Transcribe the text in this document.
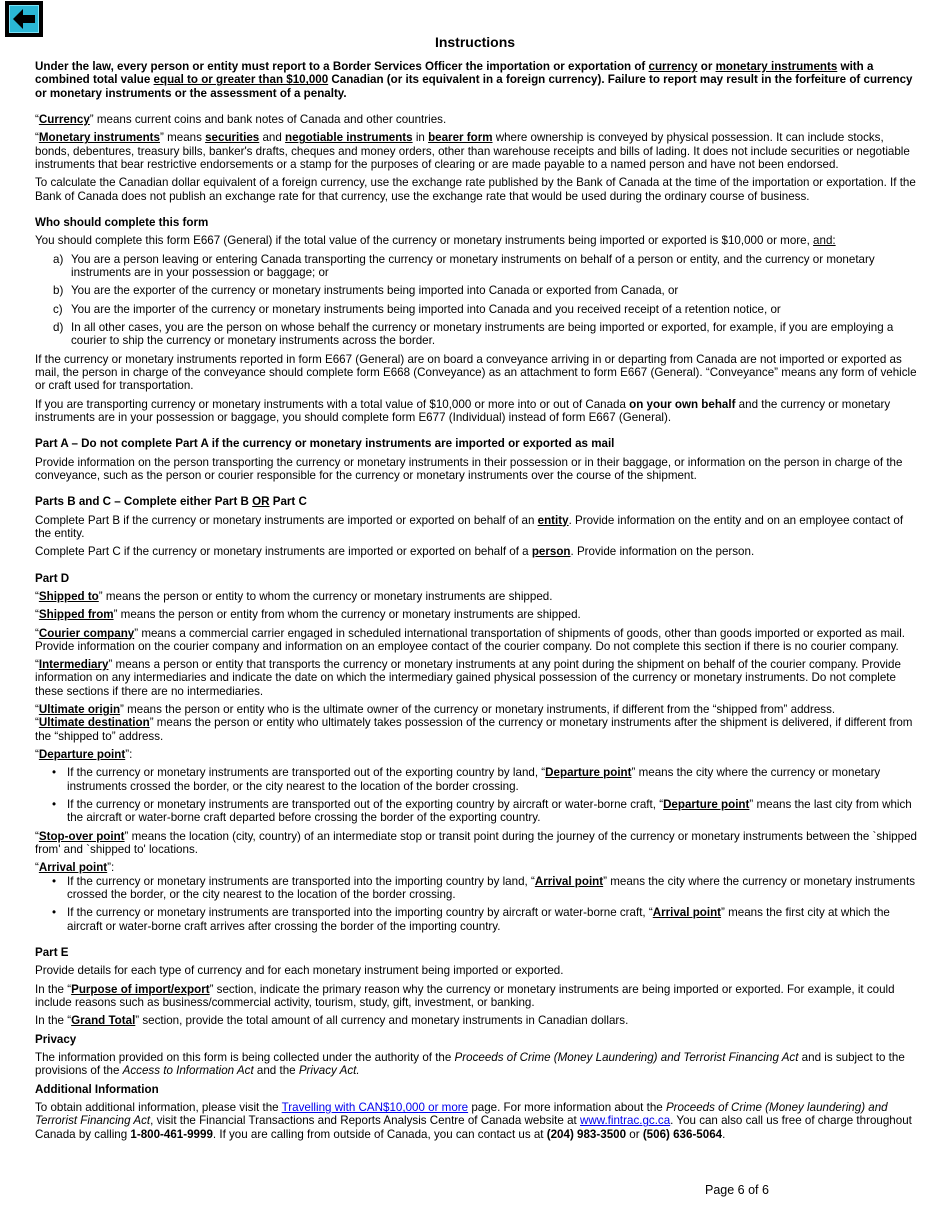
Instructions

Under the law, every person or entity must report to a Border Services Officer the importation or exportation of currency or monetary instruments with a combined total value equal to or greater than $10,000 Canadian (or its equivalent in a foreign currency). Failure to report may result in the forfeiture of currency or monetary instruments or the assessment of a penalty.

“Currency” means current coins and bank notes of Canada and other countries.

“Monetary instruments” means securities and negotiable instruments in bearer form where ownership is conveyed by physical possession. It can include stocks, bonds, debentures, treasury bills, banker's drafts, cheques and money orders, other than warehouse receipts and bills of lading. It does not include securities or negotiable instruments that bear restrictive endorsements or a stamp for the purposes of clearing or are made payable to a named person and have not been endorsed.

To calculate the Canadian dollar equivalent of a foreign currency, use the exchange rate published by the Bank of Canada at the time of the importation or exportation. If the Bank of Canada does not publish an exchange rate for that currency, use the exchange rate that would be used during the ordinary course of business.

Who should complete this form

You should complete this form E667 (General) if the total value of the currency or monetary instruments being imported or exported is $10,000 or more, and:

a) You are a person leaving or entering Canada transporting the currency or monetary instruments on behalf of a person or entity, and the currency or monetary instruments are in your possession or baggage; or
b) You are the exporter of the currency or monetary instruments being imported into Canada or exported from Canada, or
c) You are the importer of the currency or monetary instruments being imported into Canada and you received receipt of a retention notice, or
d) In all other cases, you are the person on whose behalf the currency or monetary instruments are being imported or exported, for example, if you are employing a courier to ship the currency or monetary instruments across the border.

If the currency or monetary instruments reported in form E667 (General) are on board a conveyance arriving in or departing from Canada are not imported or exported as mail, the person in charge of the conveyance should complete form E668 (Conveyance) as an attachment to form E667 (General). “Conveyance” means any form of vehicle or craft used for transportation.

If you are transporting currency or monetary instruments with a total value of $10,000 or more into or out of Canada on your own behalf and the currency or monetary instruments are in your possession or baggage, you should complete form E677 (Individual) instead of form E667 (General).

Part A – Do not complete Part A if the currency or monetary instruments are imported or exported as mail

Provide information on the person transporting the currency or monetary instruments in their possession or in their baggage, or information on the person in charge of the conveyance, such as the person or courier responsible for the currency or monetary instruments over the course of the shipment.

Parts B and C – Complete either Part B OR Part C

Complete Part B if the currency or monetary instruments are imported or exported on behalf of an entity. Provide information on the entity and on an employee contact of the entity.

Complete Part C if the currency or monetary instruments are imported or exported on behalf of a person. Provide information on the person.

Part D

“Shipped to” means the person or entity to whom the currency or monetary instruments are shipped.

“Shipped from” means the person or entity from whom the currency or monetary instruments are shipped.

“Courier company” means a commercial carrier engaged in scheduled international transportation of shipments of goods, other than goods imported or exported as mail. Provide information on the courier company and information on an employee contact of the courier company. Do not complete this section if there is no courier company.

“Intermediary” means a person or entity that transports the currency or monetary instruments at any point during the shipment on behalf of the courier company. Provide information on any intermediaries and indicate the date on which the intermediary gained physical possession of the currency or monetary instruments. Do not complete these sections if there are no intermediaries.

“Ultimate origin” means the person or entity who is the ultimate owner of the currency or monetary instruments, if different from the “shipped from” address.

“Ultimate destination” means the person or entity who ultimately takes possession of the currency or monetary instruments after the shipment is delivered, if different from the “shipped to” address.

“Departure point”:

• If the currency or monetary instruments are transported out of the exporting country by land, “Departure point” means the city where the currency or monetary instruments crossed the border, or the city nearest to the location of the border crossing.
• If the currency or monetary instruments are transported out of the exporting country by aircraft or water-borne craft, “Departure point” means the last city from which the aircraft or water-borne craft departed before crossing the border of the exporting country.

“Stop-over point” means the location (city, country) of an intermediate stop or transit point during the journey of the currency or monetary instruments between the `shipped from' and `shipped to' locations.

“Arrival point”:

• If the currency or monetary instruments are transported into the importing country by land, “Arrival point” means the city where the currency or monetary instruments crossed the border, or the city nearest to the location of the border crossing.
• If the currency or monetary instruments are transported into the importing country by aircraft or water-borne craft, “Arrival point” means the first city at which the aircraft or water-borne craft arrives after crossing the border of the importing country.
Part E

Provide details for each type of currency and for each monetary instrument being imported or exported.

In the “Purpose of import/export” section, indicate the primary reason why the currency or monetary instruments are being imported or exported. For example, it could include reasons such as business/commercial activity, tourism, study, gift, investment, or banking.

In the “Grand Total” section, provide the total amount of all currency and monetary instruments in Canadian dollars.

Privacy

The information provided on this form is being collected under the authority of the Proceeds of Crime (Money Laundering) and Terrorist Financing Act and is subject to the provisions of the Access to Information Act and the Privacy Act.

Additional Information

To obtain additional information, please visit the Travelling with CAN$10,000 or more page. For more information about the Proceeds of Crime (Money laundering) and Terrorist Financing Act, visit the Financial Transactions and Reports Analysis Centre of Canada website at www.fintrac.gc.ca. You can also call us free of charge throughout Canada by calling 1-800-461-9999. If you are calling from outside of Canada, you can contact us at (204) 983-3500 or (506) 636-5064.

Page 6 of 6
